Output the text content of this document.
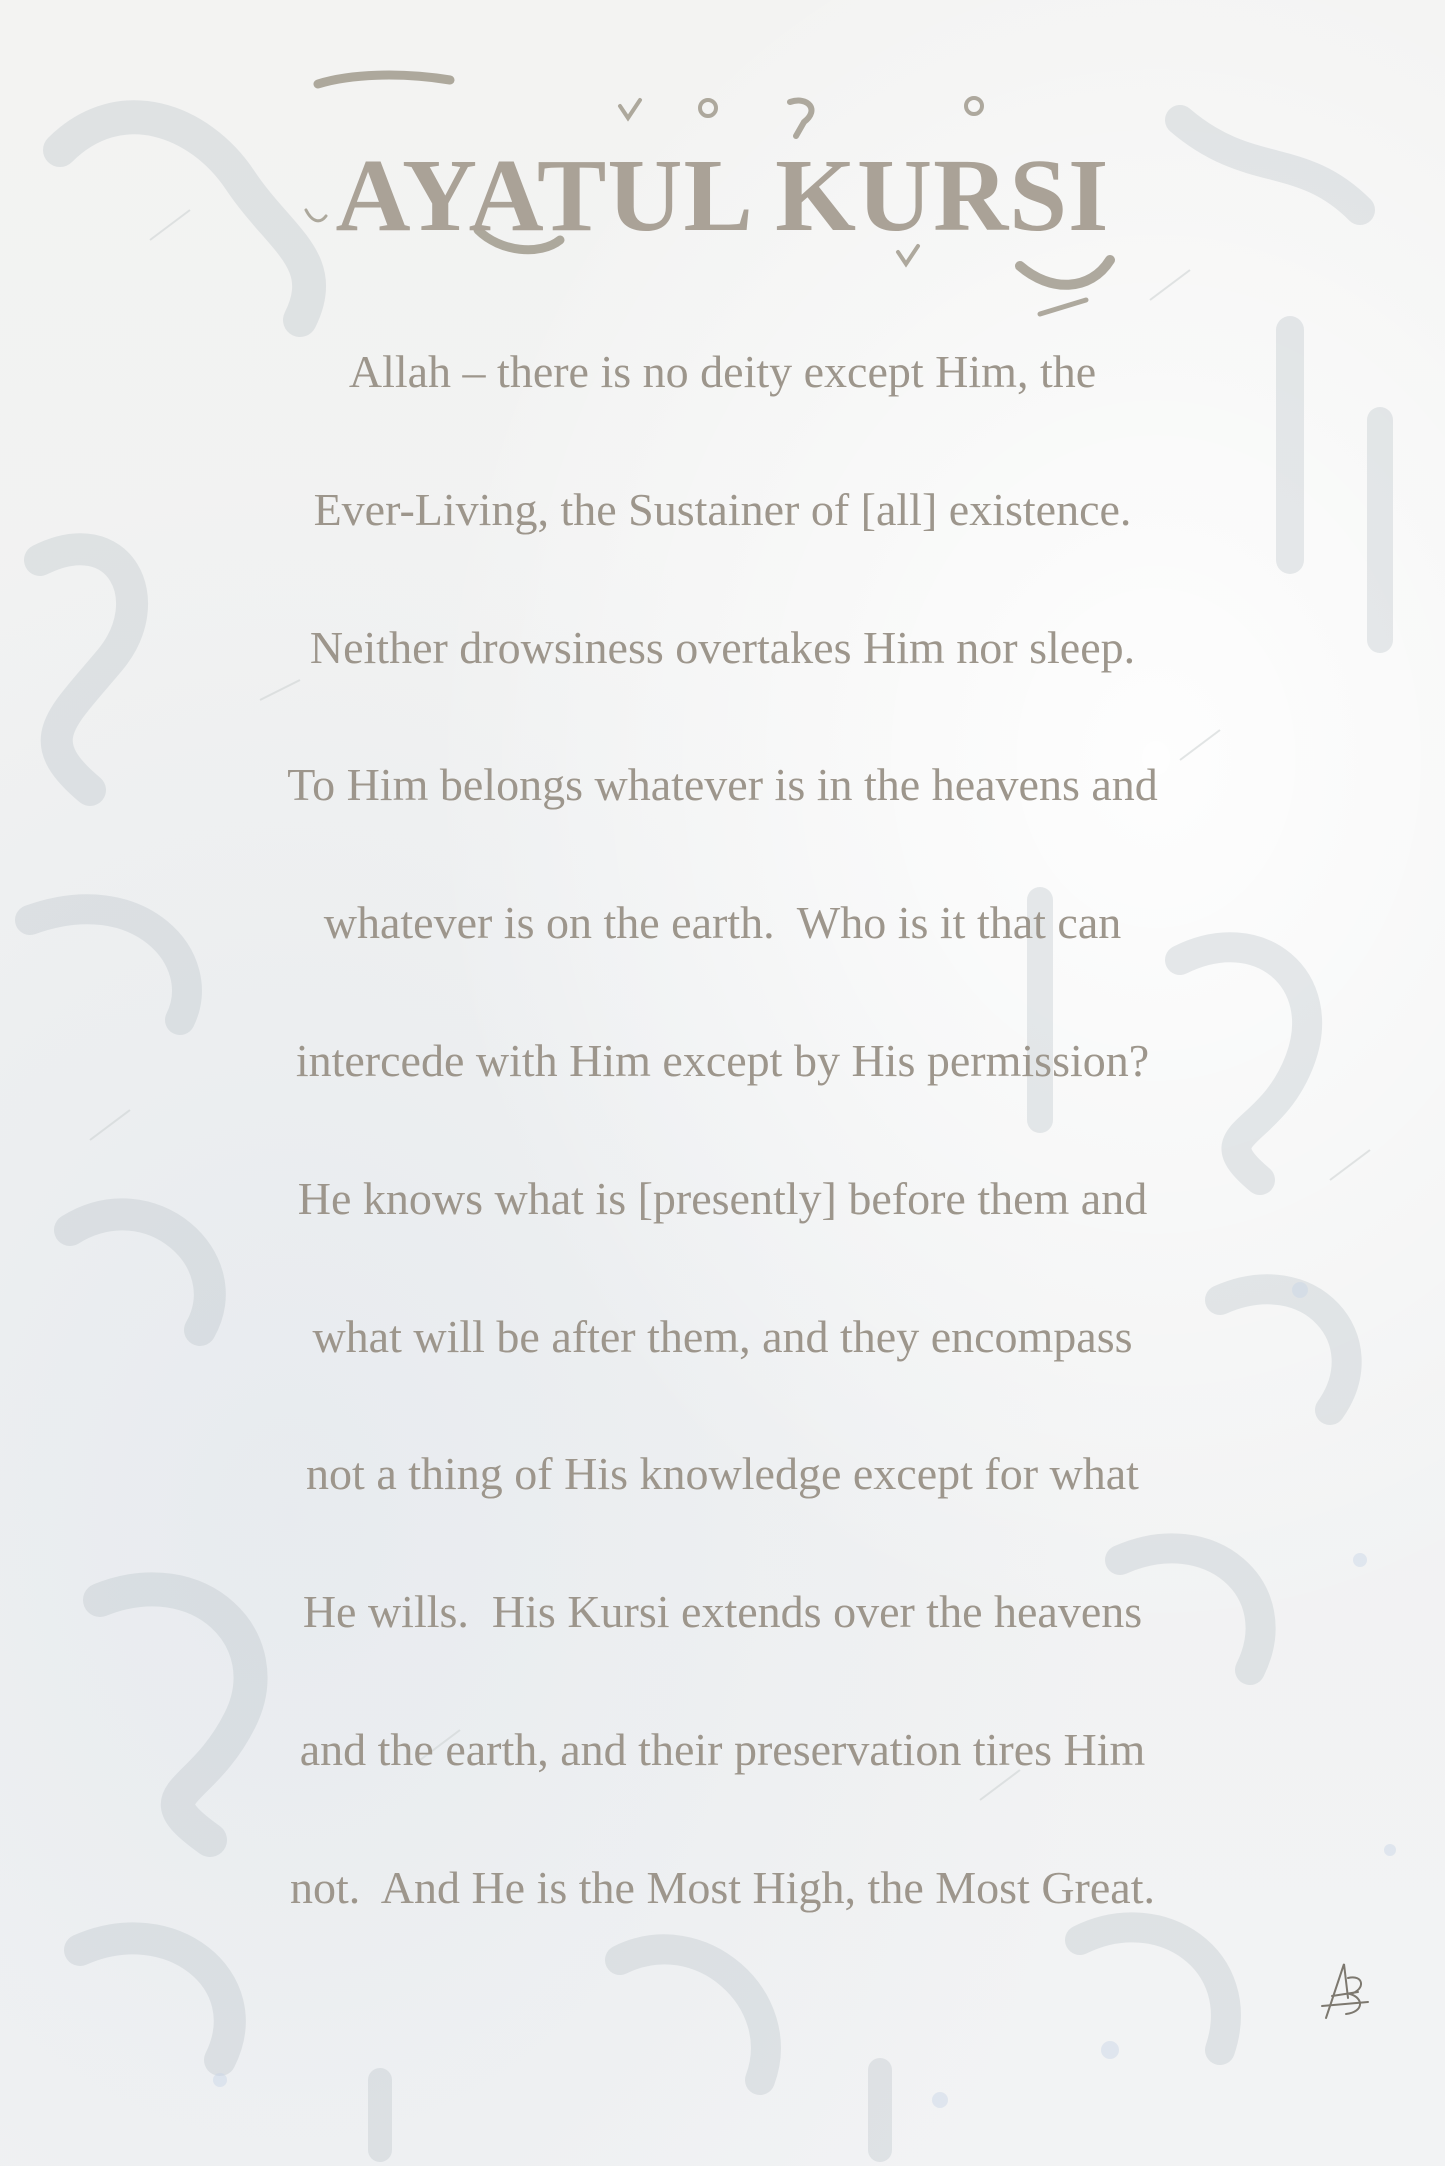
AYATUL KURSI
Allah – there is no deity except Him, the
Ever-Living, the Sustainer of [all] existence.
Neither drowsiness overtakes Him nor sleep.
To Him belongs whatever is in the heavens and
whatever is on the earth.  Who is it that can
intercede with Him except by His permission?
He knows what is [presently] before them and
what will be after them, and they encompass
not a thing of His knowledge except for what
He wills.  His Kursi extends over the heavens
and the earth, and their preservation tires Him
not.  And He is the Most High, the Most Great.
